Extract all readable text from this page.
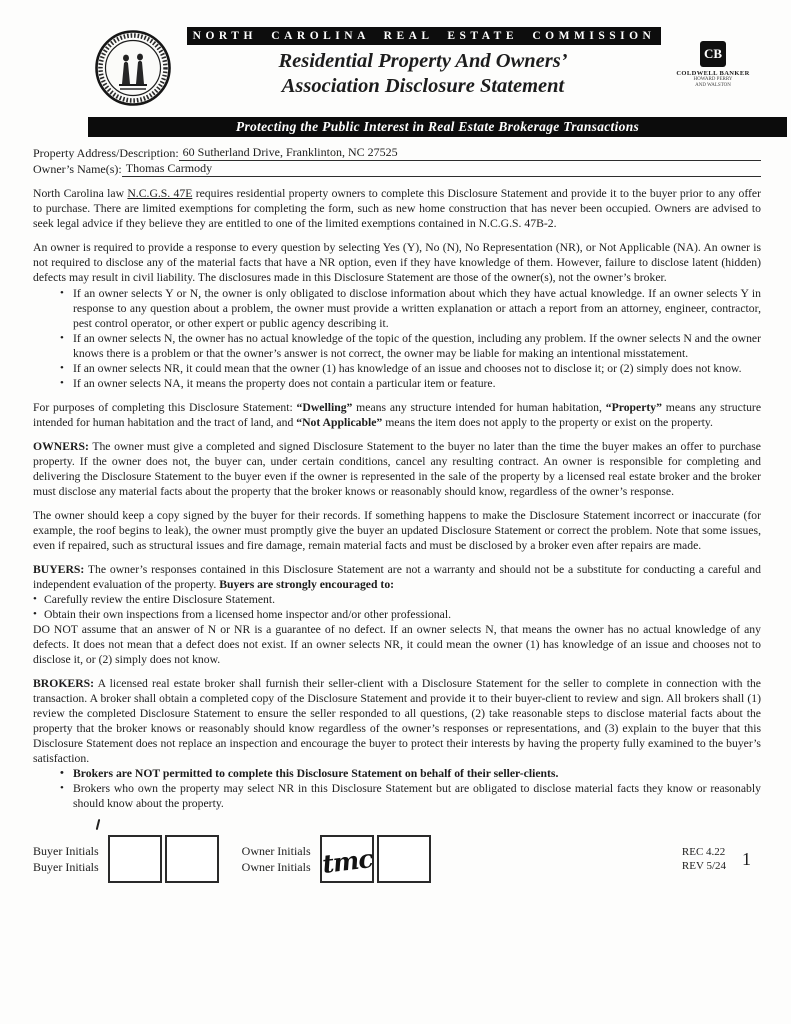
NORTH CAROLINA REAL ESTATE COMMISSION
Residential Property And Owners’
Association Disclosure Statement
CB
COLDWELL BANKER
HOWARD PERRY
AND WALSTON
Protecting the Public Interest in Real Estate Brokerage Transactions
Property Address/Description: 60 Sutherland Drive, Franklinton, NC 27525
Owner’s Name(s): Thomas Carmody

North Carolina law N.C.G.S. 47E requires residential property owners to complete this Disclosure Statement and provide it to the buyer prior to any offer to purchase. There are limited exemptions for completing the form, such as new home construction that has never been occupied. Owners are advised to seek legal advice if they believe they are entitled to one of the limited exemptions contained in N.C.G.S. 47B-2.

An owner is required to provide a response to every question by selecting Yes (Y), No (N), No Representation (NR), or Not Applicable (NA). An owner is not required to disclose any of the material facts that have a NR option, even if they have knowledge of them. However, failure to disclose latent (hidden) defects may result in civil liability. The disclosures made in this Disclosure Statement are those of the owner(s), not the owner’s broker.

• If an owner selects Y or N, the owner is only obligated to disclose information about which they have actual knowledge. If an owner selects Y in response to any question about a problem, the owner must provide a written explanation or attach a report from an attorney, engineer, contractor, pest control operator, or other expert or public agency describing it.
• If an owner selects N, the owner has no actual knowledge of the topic of the question, including any problem. If the owner selects N and the owner knows there is a problem or that the owner’s answer is not correct, the owner may be liable for making an intentional misstatement.
• If an owner selects NR, it could mean that the owner (1) has knowledge of an issue and chooses not to disclose it; or (2) simply does not know.
• If an owner selects NA, it means the property does not contain a particular item or feature.

For purposes of completing this Disclosure Statement: “Dwelling” means any structure intended for human habitation, “Property” means any structure intended for human habitation and the tract of land, and “Not Applicable” means the item does not apply to the property or exist on the property.

OWNERS: The owner must give a completed and signed Disclosure Statement to the buyer no later than the time the buyer makes an offer to purchase property. If the owner does not, the buyer can, under certain conditions, cancel any resulting contract. An owner is responsible for completing and delivering the Disclosure Statement to the buyer even if the owner is represented in the sale of the property by a licensed real estate broker and the broker must disclose any material facts about the property that the broker knows or reasonably should know, regardless of the owner’s response.

The owner should keep a copy signed by the buyer for their records. If something happens to make the Disclosure Statement incorrect or inaccurate (for example, the roof begins to leak), the owner must promptly give the buyer an updated Disclosure Statement or correct the problem. Note that some issues, even if repaired, such as structural issues and fire damage, remain material facts and must be disclosed by a broker even after repairs are made.

BUYERS: The owner’s responses contained in this Disclosure Statement are not a warranty and should not be a substitute for conducting a careful and independent evaluation of the property. Buyers are strongly encouraged to:

• Carefully review the entire Disclosure Statement.
• Obtain their own inspections from a licensed home inspector and/or other professional.

DO NOT assume that an answer of N or NR is a guarantee of no defect. If an owner selects N, that means the owner has no actual knowledge of any defects. It does not mean that a defect does not exist. If an owner selects NR, it could mean the owner (1) has knowledge of an issue and chooses not to disclose it, or (2) simply does not know.

BROKERS: A licensed real estate broker shall furnish their seller-client with a Disclosure Statement for the seller to complete in connection with the transaction. A broker shall obtain a completed copy of the Disclosure Statement and provide it to their buyer-client to review and sign. All brokers shall (1) review the completed Disclosure Statement to ensure the seller responded to all questions, (2) take reasonable steps to disclose material facts about the property that the broker knows or reasonably should know regardless of the owner’s responses or representations, and (3) explain to the buyer that this Disclosure Statement does not replace an inspection and encourage the buyer to protect their interests by having the property fully examined to the buyer’s satisfaction.

• Brokers are NOT permitted to complete this Disclosure Statement on behalf of their seller-clients.
• Brokers who own the property may select NR in this Disclosure Statement but are obligated to disclose material facts they know or reasonably should know about the property.
Buyer Initials
Buyer Initials
Owner Initials
Owner Initials tmc	REC 4.22
REV 5/24 1
